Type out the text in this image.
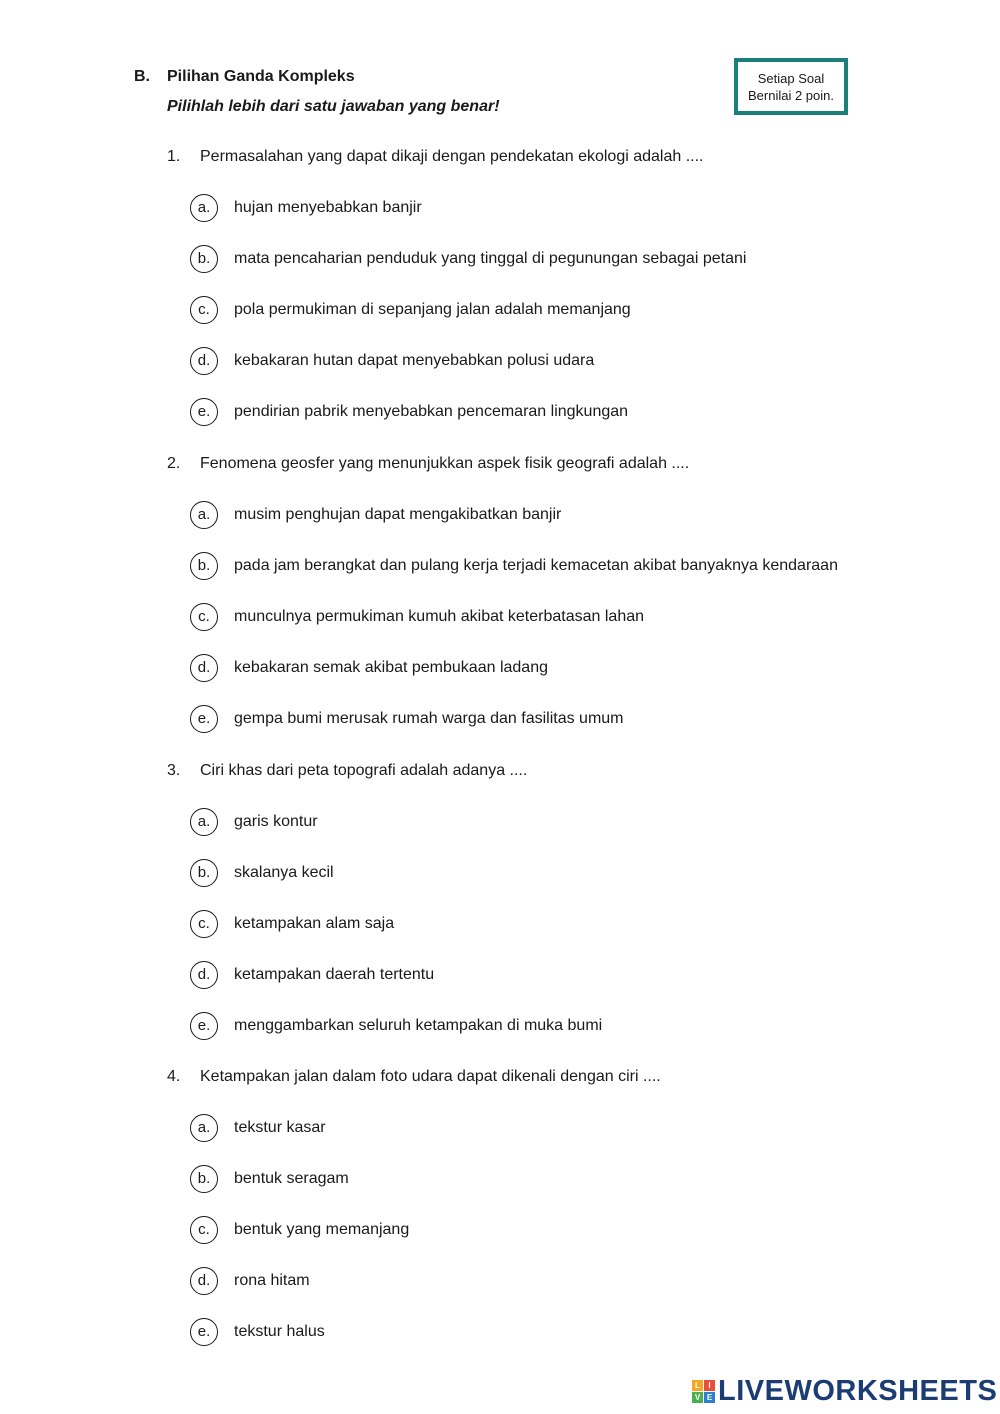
B. Pilihan Ganda Kompleks
Pilihlah lebih dari satu jawaban yang benar!
Setiap Soal
Bernilai 2 poin.
1. Permasalahan yang dapat dikaji dengan pendekatan ekologi adalah ....
a. hujan menyebabkan banjir
b. mata pencaharian penduduk yang tinggal di pegunungan sebagai petani
c. pola permukiman di sepanjang jalan adalah memanjang
d. kebakaran hutan dapat menyebabkan polusi udara
e. pendirian pabrik menyebabkan pencemaran lingkungan
2. Fenomena geosfer yang menunjukkan aspek fisik geografi adalah ....
a. musim penghujan dapat mengakibatkan banjir
b. pada jam berangkat dan pulang kerja terjadi kemacetan akibat banyaknya kendaraan
c. munculnya permukiman kumuh akibat keterbatasan lahan
d. kebakaran semak akibat pembukaan ladang
e. gempa bumi merusak rumah warga dan fasilitas umum
3. Ciri khas dari peta topografi adalah adanya ....
a. garis kontur
b. skalanya kecil
c. ketampakan alam saja
d. ketampakan daerah tertentu
e. menggambarkan seluruh ketampakan di muka bumi
4. Ketampakan jalan dalam foto udara dapat dikenali dengan ciri ....
a. tekstur kasar
b. bentuk seragam
c. bentuk yang memanjang
d. rona hitam
e. tekstur halus
L	I
V E LIVEWORKSHEETS
